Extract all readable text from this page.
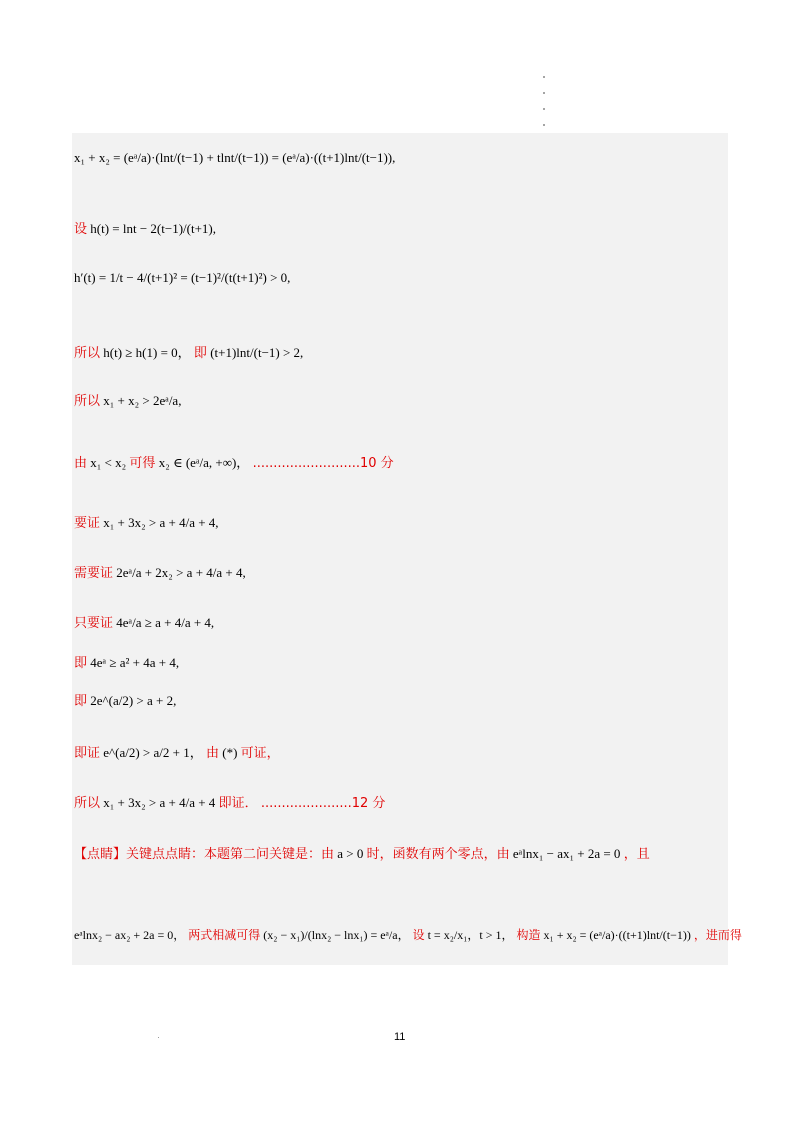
x₁ + x₂ = (eᵃ/a)·(lnt/(t−1) + tlnt/(t−1)) = (eᵃ/a)·((t+1)lnt/(t−1)),
设 h(t) = lnt − 2(t−1)/(t+1),
h′(t) = 1/t − 4/(t+1)² = (t−1)²/(t(t+1)²) > 0,
所以 h(t) ≥ h(1) = 0， 即 (t+1)lnt/(t−1) > 2,
所以 x₁ + x₂ > 2eᵃ/a,
由 x₁ < x₂ 可得 x₂ ∈ (eᵃ/a, +∞)， ..........................10 分
要证 x₁ + 3x₂ > a + 4/a + 4,
需要证 2eᵃ/a + 2x₂ > a + 4/a + 4,
只要证 4eᵃ/a ≥ a + 4/a + 4,
即 4eᵃ ≥ a² + 4a + 4,
即 2e^(a/2) > a + 2,
即证 e^(a/2) > a/2 + 1， 由 (*) 可证，
所以 x₁ + 3x₂ > a + 4/a + 4 即证． ......................12 分
【点睛】关键点点睛：本题第二问关键是：由 a > 0 时，函数有两个零点，由 eᵃlnx₁ − ax₁ + 2a = 0 ，且
eᵃlnx₂ − ax₂ + 2a = 0， 两式相减可得 (x₂ − x₁)/(lnx₂ − lnx₁) = eᵃ/a， 设 t = x₂/x₁，t > 1， 构造 x₁ + x₂ = (eᵃ/a)·((t+1)lnt/(t−1)) ，进而得
11
